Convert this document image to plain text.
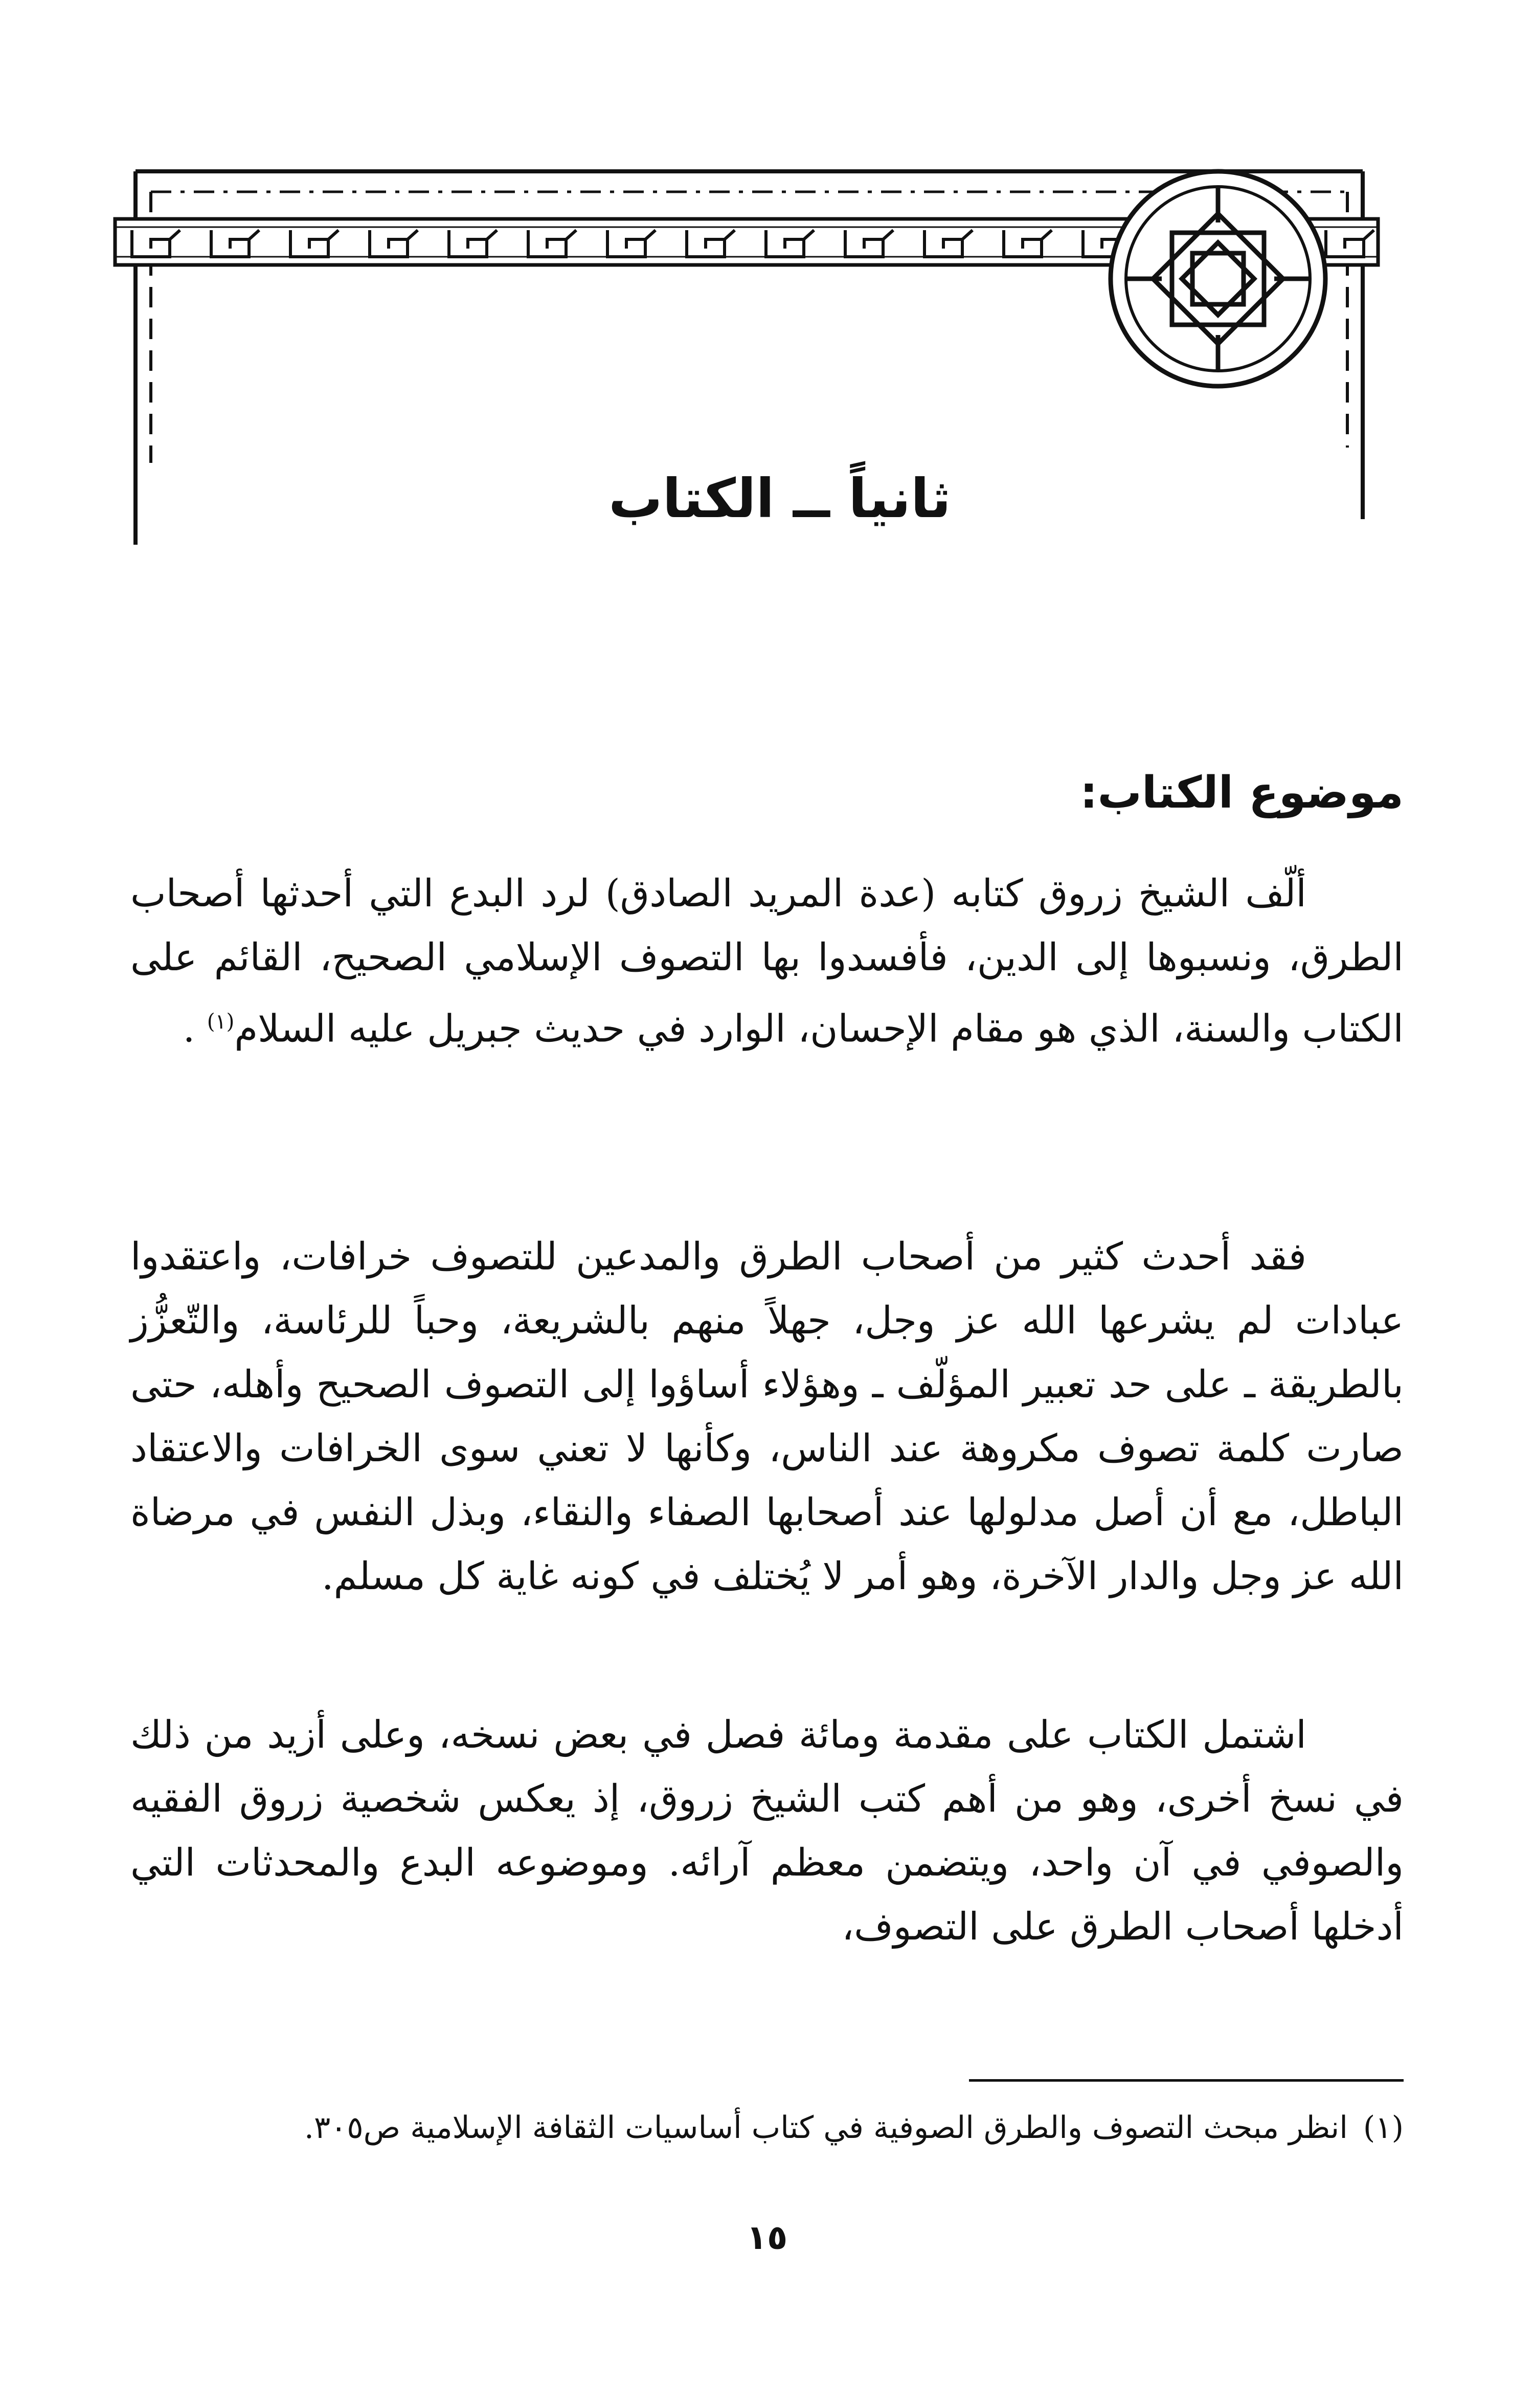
ثانياً ــ الكتاب
موضوع الكتاب:

ألّف الشيخ زروق كتابه (عدة المريد الصادق) لرد البدع التي أحدثها أصحاب الطرق، ونسبوها إلى الدين، فأفسدوا بها التصوف الإسلامي الصحيح، القائم على الكتاب والسنة، الذي هو مقام الإحسان، الوارد في حديث جبريل عليه السلام$^{(١)}$ .

فقد أحدث كثير من أصحاب الطرق والمدعين للتصوف خرافات، واعتقدوا عبادات لم يشرعها الله عز وجل، جهلاً منهم بالشريعة، وحباً للرئاسة، والتّعزُّز بالطريقة ـ على حد تعبير المؤلّف ـ وهؤلاء أساؤوا إلى التصوف الصحيح وأهله، حتى صارت كلمة تصوف مكروهة عند الناس، وكأنها لا تعني سوى الخرافات والاعتقاد الباطل، مع أن أصل مدلولها عند أصحابها الصفاء والنقاء، وبذل النفس في مرضاة الله عز وجل والدار الآخرة، وهو أمر لا يُختلف في كونه غاية كل مسلم.

اشتمل الكتاب على مقدمة ومائة فصل في بعض نسخه، وعلى أزيد من ذلك في نسخ أخرى، وهو من أهم كتب الشيخ زروق، إذ يعكس شخصية زروق الفقيه والصوفي في آن واحد، ويتضمن معظم آرائه. وموضوعه البدع والمحدثات التي أدخلها أصحاب الطرق على التصوف،

(١)انظر مبحث التصوف والطرق الصوفية في كتاب أساسيات الثقافة الإسلامية ص٣٠٥.

١٥
